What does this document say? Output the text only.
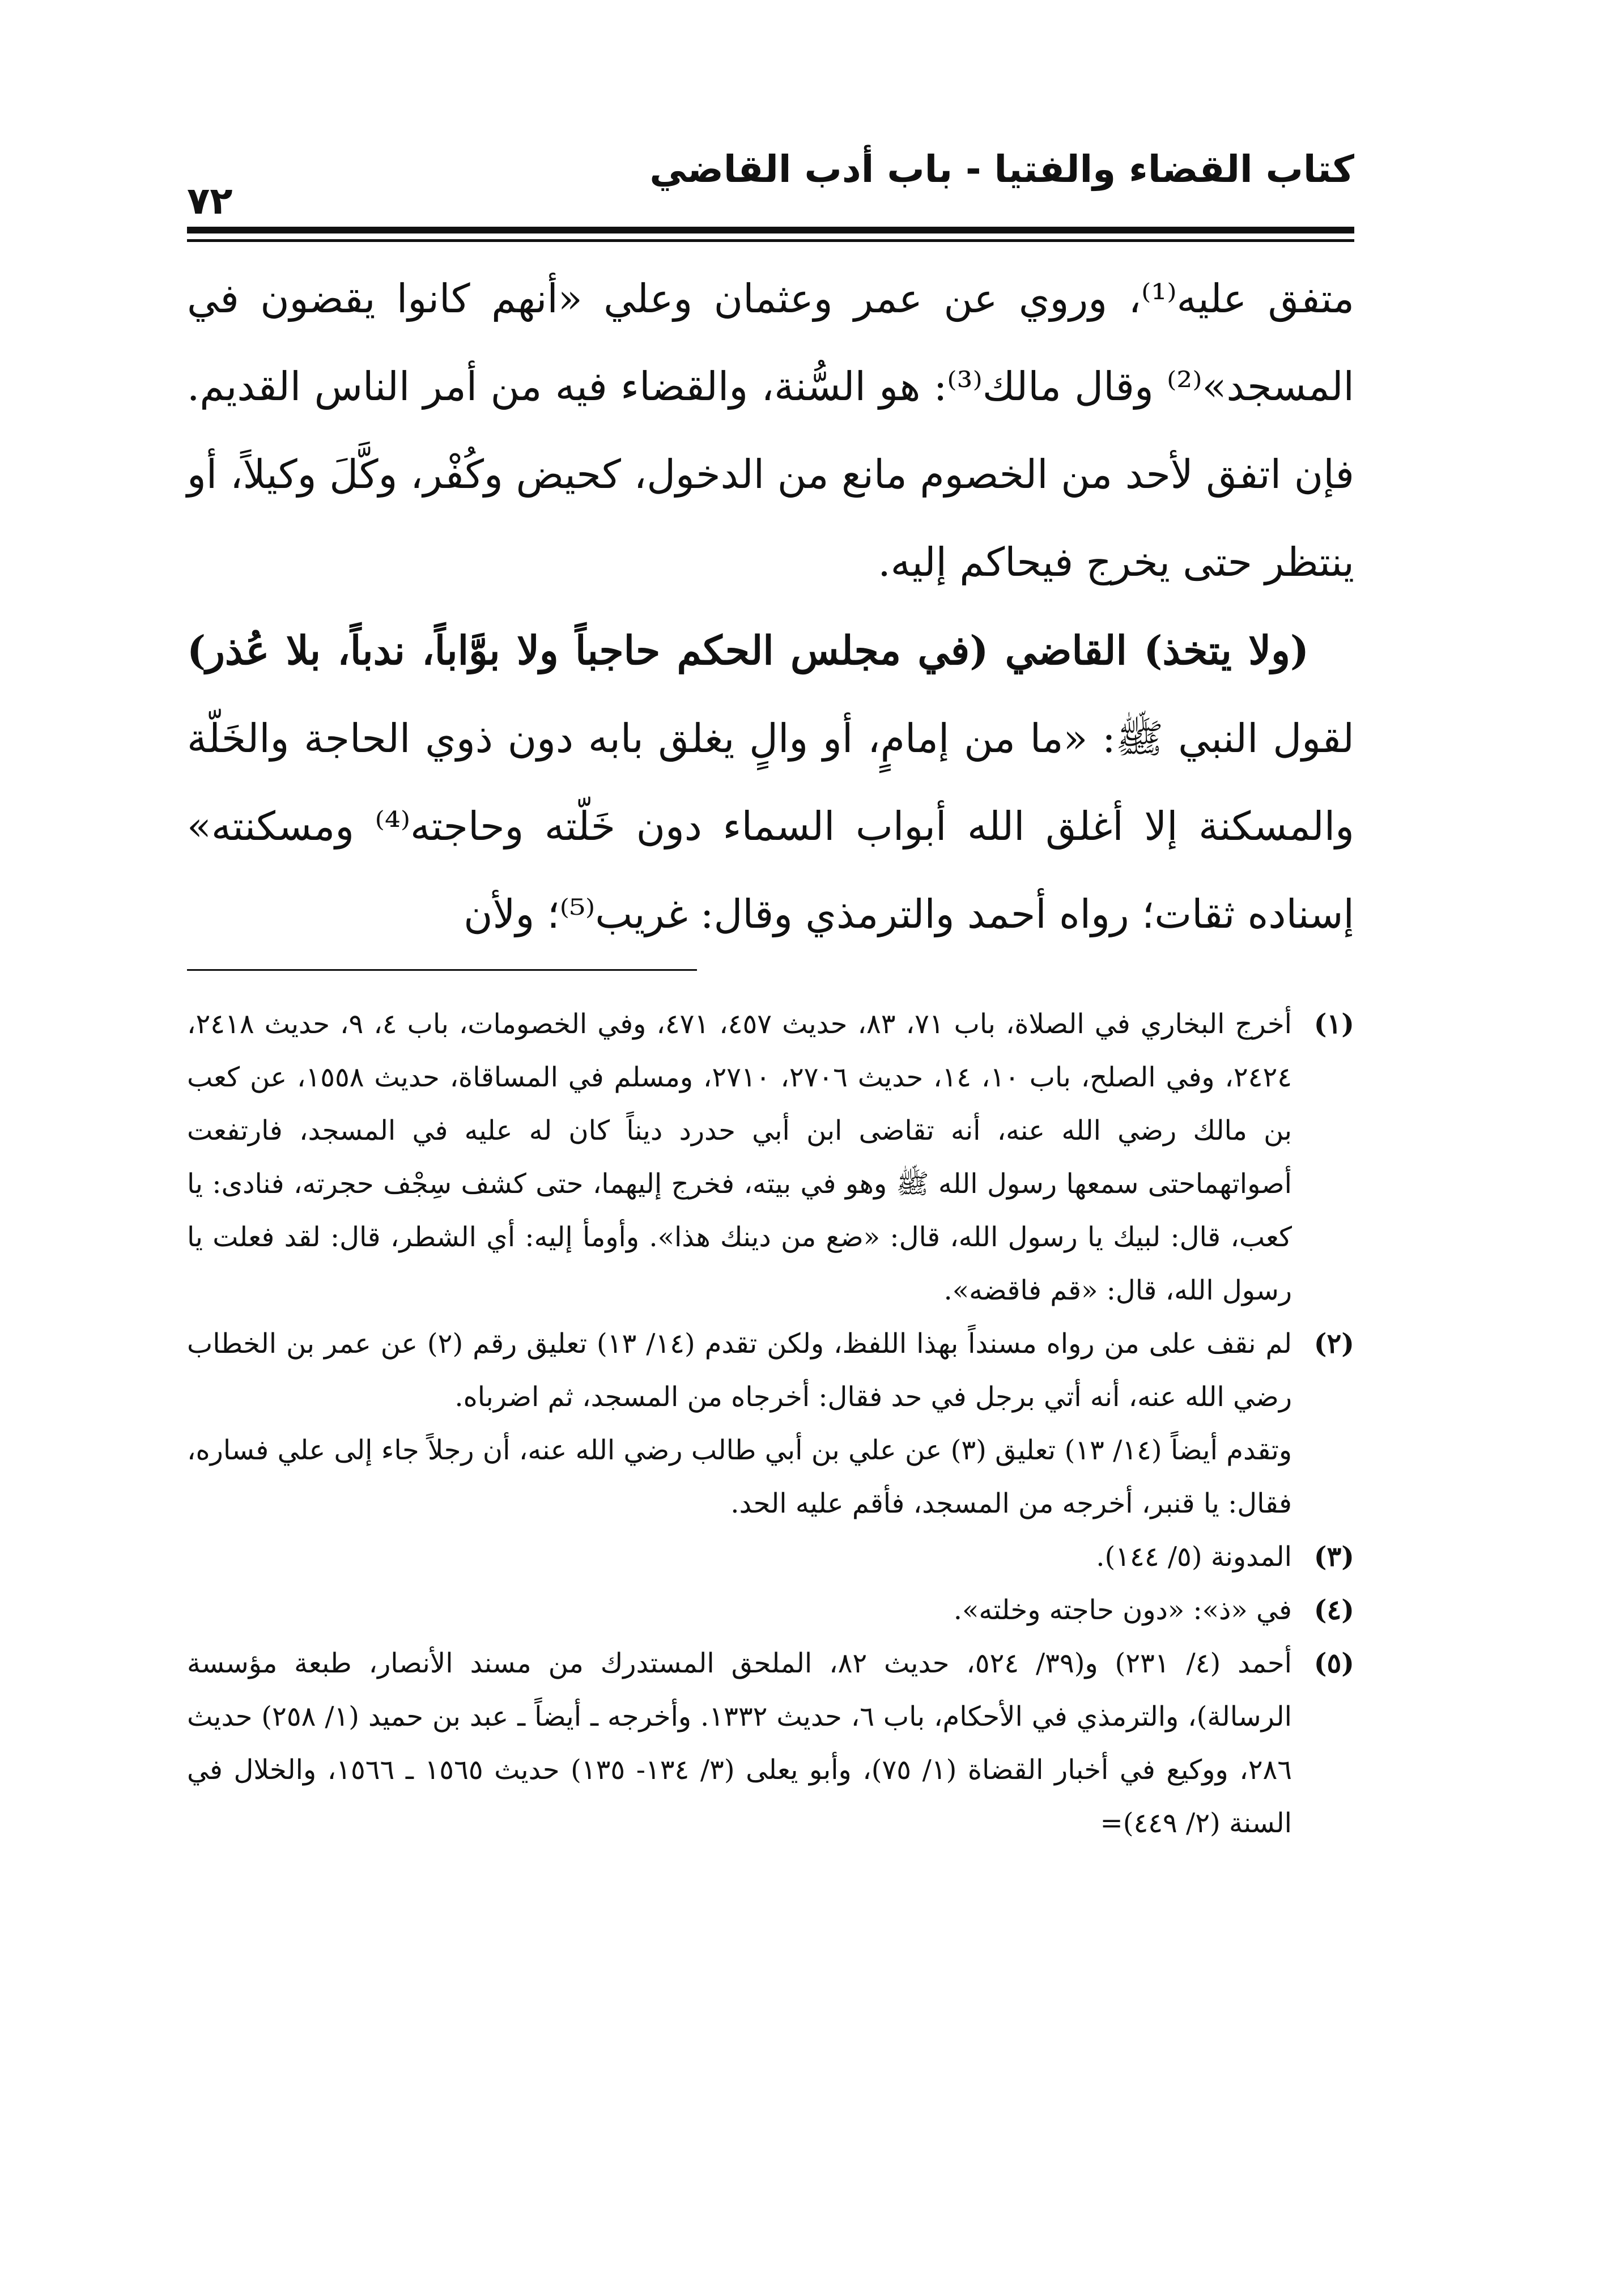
كتاب القضاء والفتيا - باب أدب القاضي
٧٢

متفق عليه⁽¹⁾، وروي عن عمر وعثمان وعلي «أنهم كانوا يقضون في المسجد»⁽²⁾ وقال مالك⁽³⁾: هو السُّنة، والقضاء فيه من أمر الناس القديم. فإن اتفق لأحد من الخصوم مانع من الدخول، كحيض وكُفْر، وكَّلَ وكيلاً، أو ينتظر حتى يخرج فيحاكم إليه.

(ولا يتخذ) القاضي (في مجلس الحكم حاجباً ولا بوَّاباً، ندباً، بلا عُذر) لقول النبي ﷺ: «ما من إمامٍ، أو والٍ يغلق بابه دون ذوي الحاجة والخَلّة والمسكنة إلا أغلق الله أبواب السماء دون خَلّته وحاجته⁽⁴⁾ ومسكنته» إسناده ثقات؛ رواه أحمد والترمذي وقال: غريب⁽⁵⁾؛ ولأن

(١)
أخرج البخاري في الصلاة، باب ٧١، ٨٣، حديث ٤٥٧، ٤٧١، وفي الخصومات، باب ٤، ٩، حديث ٢٤١٨، ٢٤٢٤، وفي الصلح، باب ١٠، ١٤، حديث ٢٧٠٦، ٢٧١٠، ومسلم في المساقاة، حديث ١٥٥٨، عن كعب بن مالك رضي الله عنه، أنه تقاضى ابن أبي حدرد ديناً كان له عليه في المسجد، فارتفعت أصواتهماحتى سمعها رسول الله ﷺ وهو في بيته، فخرج إليهما، حتى كشف سِجْف حجرته، فنادى: يا كعب، قال: لبيك يا رسول الله، قال: «ضع من دينك هذا». وأومأ إليه: أي الشطر، قال: لقد فعلت يا رسول الله، قال: «قم فاقضه».
(٢)
لم نقف على من رواه مسنداً بهذا اللفظ، ولكن تقدم (١٤/ ١٣) تعليق رقم (٢) عن عمر بن الخطاب رضي الله عنه، أنه أتي برجل في حد فقال: أخرجاه من المسجد، ثم اضرباه.
وتقدم أيضاً (١٤/ ١٣) تعليق (٣) عن علي بن أبي طالب رضي الله عنه، أن رجلاً جاء إلى علي فساره، فقال: يا قنبر، أخرجه من المسجد، فأقم عليه الحد.
(٣)
المدونة (٥/ ١٤٤).
(٤)
في «ذ»: «دون حاجته وخلته».
(٥)
أحمد (٤/ ٢٣١) و(٣٩/ ٥٢٤، حديث ٨٢، الملحق المستدرك من مسند الأنصار، طبعة مؤسسة الرسالة)، والترمذي في الأحكام، باب ٦، حديث ١٣٣٢. وأخرجه ـ أيضاً ـ عبد بن حميد (١/ ٢٥٨) حديث ٢٨٦، ووكيع في أخبار القضاة (١/ ٧٥)، وأبو يعلى (٣/ ١٣٤- ١٣٥) حديث ١٥٦٥ ـ ١٥٦٦، والخلال في السنة (٢/ ٤٤٩)=
